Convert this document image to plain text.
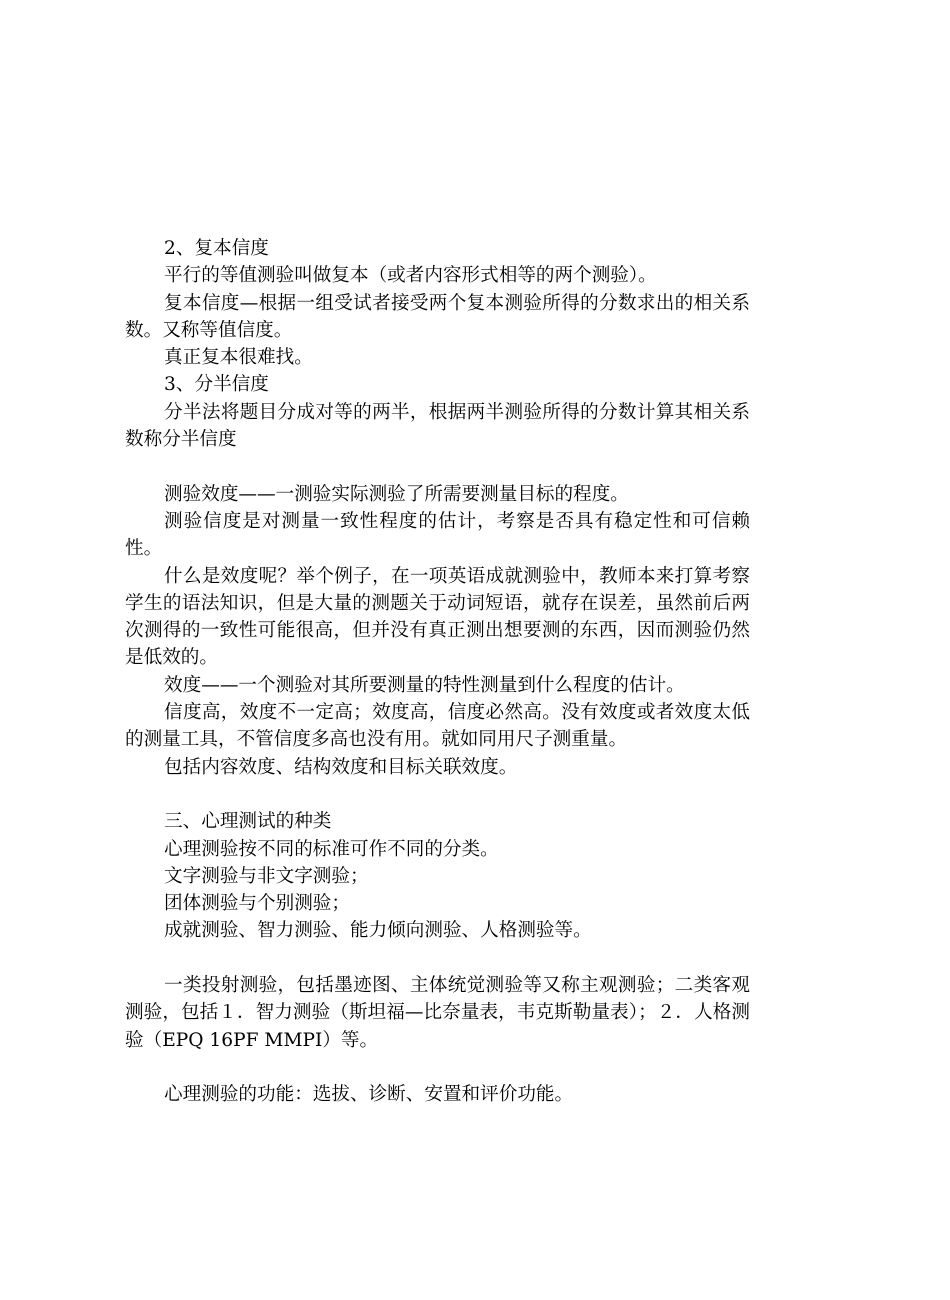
2、复本信度

平行的等值测验叫做复本（或者内容形式相等的两个测验）。

复本信度—根据一组受试者接受两个复本测验所得的分数求出的相关系数。又称等值信度。

真正复本很难找。

3、分半信度

分半法将题目分成对等的两半，根据两半测验所得的分数计算其相关系数称分半信度

测验效度——一测验实际测验了所需要测量目标的程度。

测验信度是对测量一致性程度的估计，考察是否具有稳定性和可信赖性。

什么是效度呢？举个例子，在一项英语成就测验中，教师本来打算考察学生的语法知识，但是大量的测题关于动词短语，就存在误差，虽然前后两次测得的一致性可能很高，但并没有真正测出想要测的东西，因而测验仍然是低效的。

效度——一个测验对其所要测量的特性测量到什么程度的估计。

信度高，效度不一定高；效度高，信度必然高。没有效度或者效度太低的测量工具，不管信度多高也没有用。就如同用尺子测重量。

包括内容效度、结构效度和目标关联效度。

三、心理测试的种类

心理测验按不同的标准可作不同的分类。

文字测验与非文字测验；

团体测验与个别测验；

成就测验、智力测验、能力倾向测验、人格测验等。

一类投射测验，包括墨迹图、主体统觉测验等又称主观测验；二类客观测验，包括１．智力测验（斯坦福—比奈量表，韦克斯勒量表）；２．人格测验（EPQ 16PF MMPI）等。

心理测验的功能：选拔、诊断、安置和评价功能。
